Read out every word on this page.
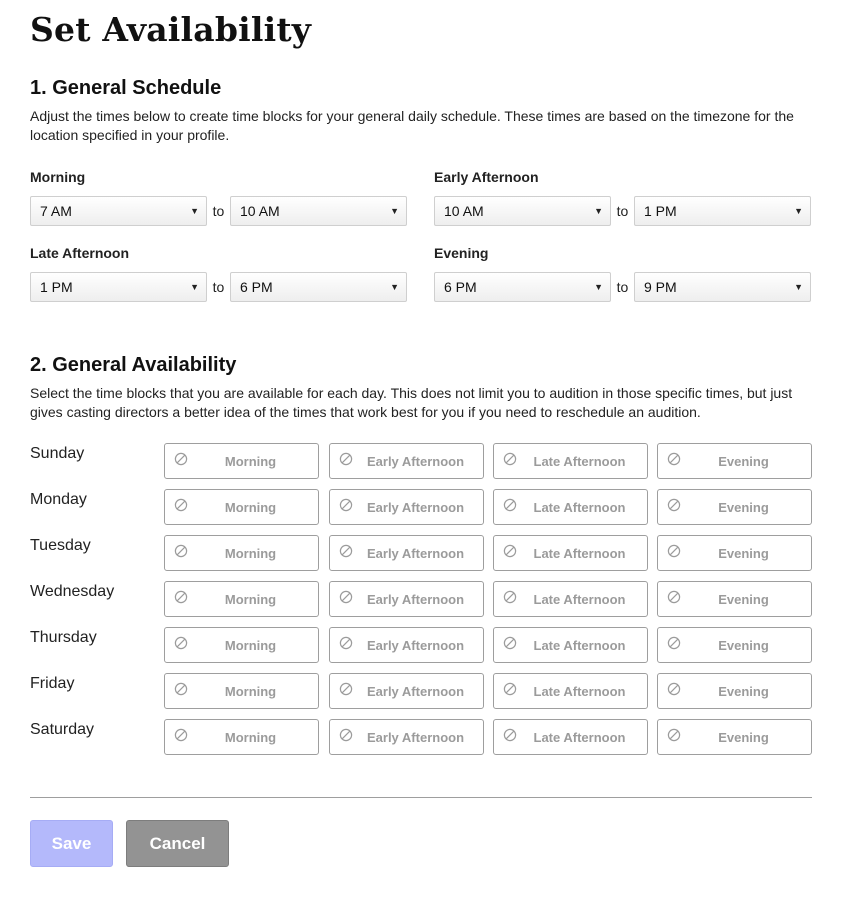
Set Availability
1. General Schedule

Adjust the times below to create time blocks for your general daily schedule. These times are based on the timezone for the location specified in your profile.

Morning
7 AM	▼ to	10 AM	▼
Early Afternoon
10 AM	▼ to	1 PM	▼
Late Afternoon
1 PM	▼ to	6 PM	▼
Evening
6 PM	▼ to	9 PM	▼
2. General Availability

Select the time blocks that you are available for each day. This does not limit you to audition in those specific times, but just gives casting directors a better idea of the times that work best for you if you need to reschedule an audition.

Sunday	Morning	Early Afternoon	Late Afternoon	Evening
Monday	Morning	Early Afternoon	Late Afternoon	Evening
Tuesday	Morning	Early Afternoon	Late Afternoon	Evening
Wednesday	Morning	Early Afternoon	Late Afternoon	Evening
Thursday	Morning	Early Afternoon	Late Afternoon	Evening
Friday	Morning	Early Afternoon	Late Afternoon	Evening
Saturday	Morning	Early Afternoon	Late Afternoon	Evening
Save	Cancel
